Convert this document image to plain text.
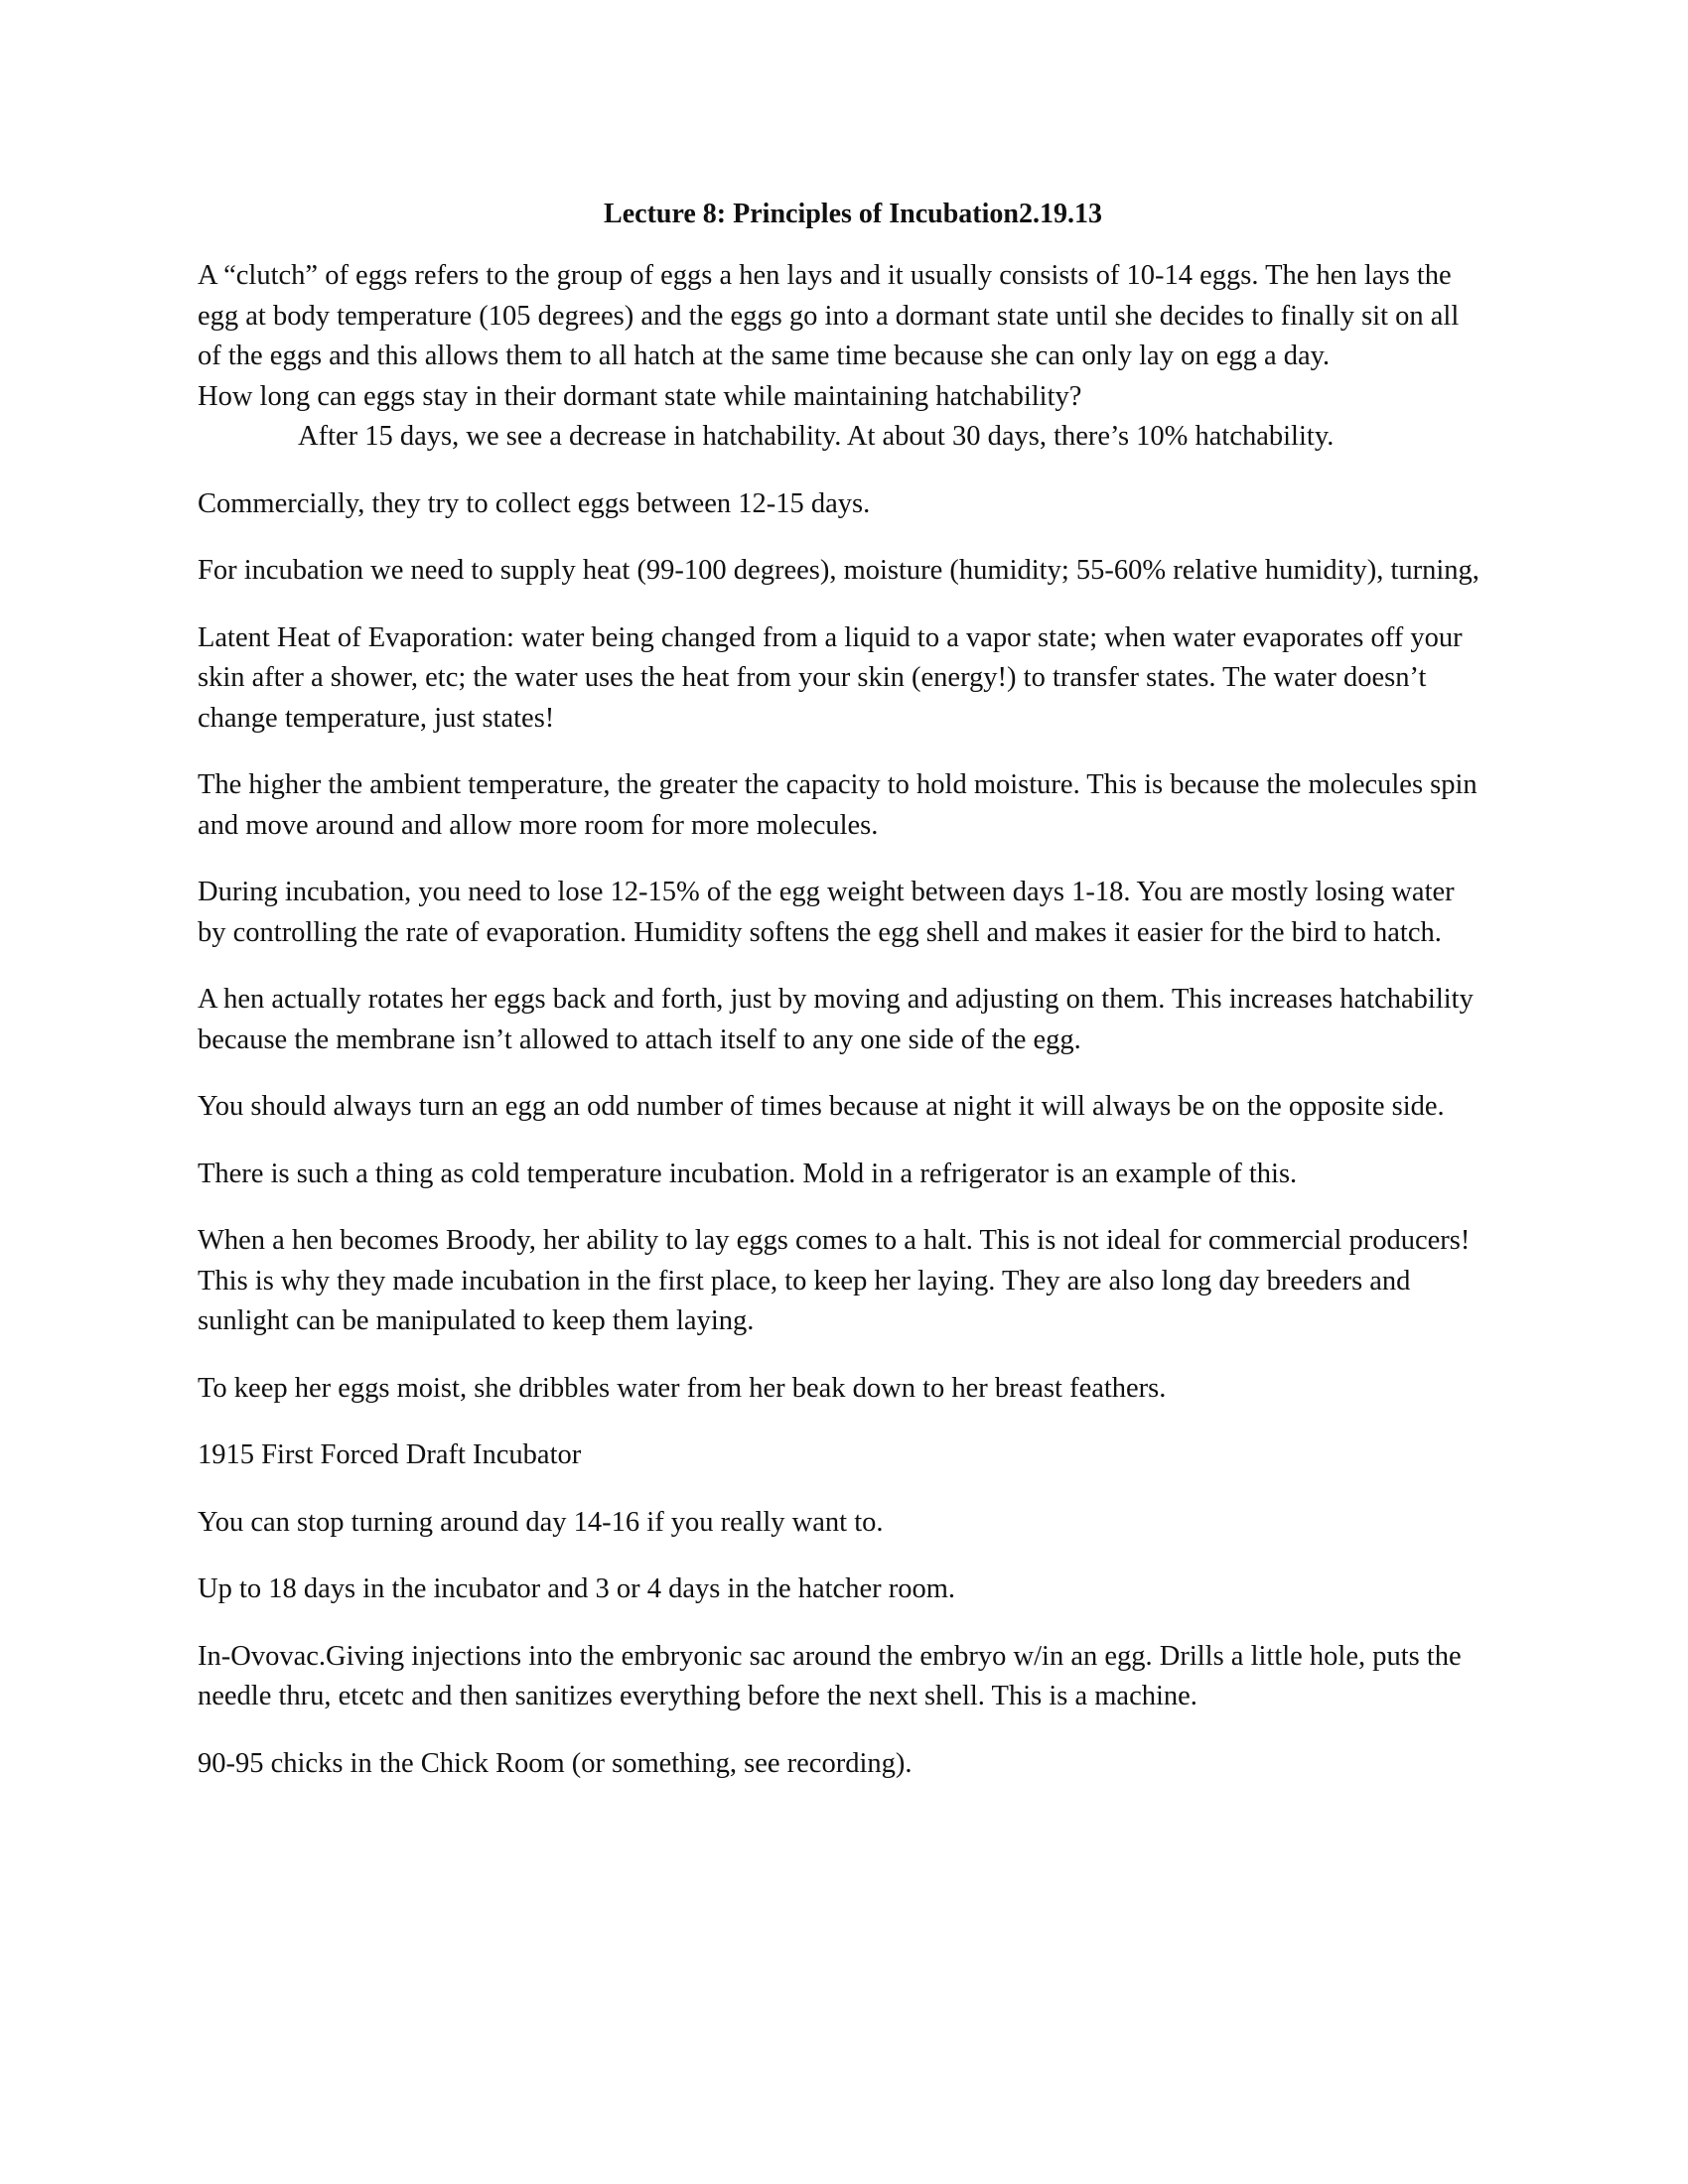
Lecture 8: Principles of Incubation2.19.13
A “clutch” of eggs refers to the group of eggs a hen lays and it usually consists of 10-14 eggs. The hen lays the egg at body temperature (105 degrees) and the eggs go into a dormant state until she decides to finally sit on all of the eggs and this allows them to all hatch at the same time because she can only lay on egg a day.
How long can eggs stay in their dormant state while maintaining hatchability?
After 15 days, we see a decrease in hatchability. At about 30 days, there’s 10% hatchability.
Commercially, they try to collect eggs between 12-15 days.
For incubation we need to supply heat (99-100 degrees), moisture (humidity; 55-60% relative humidity), turning,
Latent Heat of Evaporation: water being changed from a liquid to a vapor state; when water evaporates off your skin after a shower, etc; the water uses the heat from your skin (energy!) to transfer states. The water doesn’t change temperature, just states!
The higher the ambient temperature, the greater the capacity to hold moisture. This is because the molecules spin and move around and allow more room for more molecules.
During incubation, you need to lose 12-15% of the egg weight between days 1-18. You are mostly losing water by controlling the rate of evaporation. Humidity softens the egg shell and makes it easier for the bird to hatch.
A hen actually rotates her eggs back and forth, just by moving and adjusting on them. This increases hatchability because the membrane isn’t allowed to attach itself to any one side of the egg.
You should always turn an egg an odd number of times because at night it will always be on the opposite side.
There is such a thing as cold temperature incubation. Mold in a refrigerator is an example of this.
When a hen becomes Broody, her ability to lay eggs comes to a halt. This is not ideal for commercial producers! This is why they made incubation in the first place, to keep her laying. They are also long day breeders and sunlight can be manipulated to keep them laying.
To keep her eggs moist, she dribbles water from her beak down to her breast feathers.
1915 First Forced Draft Incubator
You can stop turning around day 14-16 if you really want to.
Up to 18 days in the incubator and 3 or 4 days in the hatcher room.
In-Ovovac.Giving injections into the embryonic sac around the embryo w/in an egg. Drills a little hole, puts the needle thru, etcetc and then sanitizes everything before the next shell. This is a machine.
90-95 chicks in the Chick Room (or something, see recording).
